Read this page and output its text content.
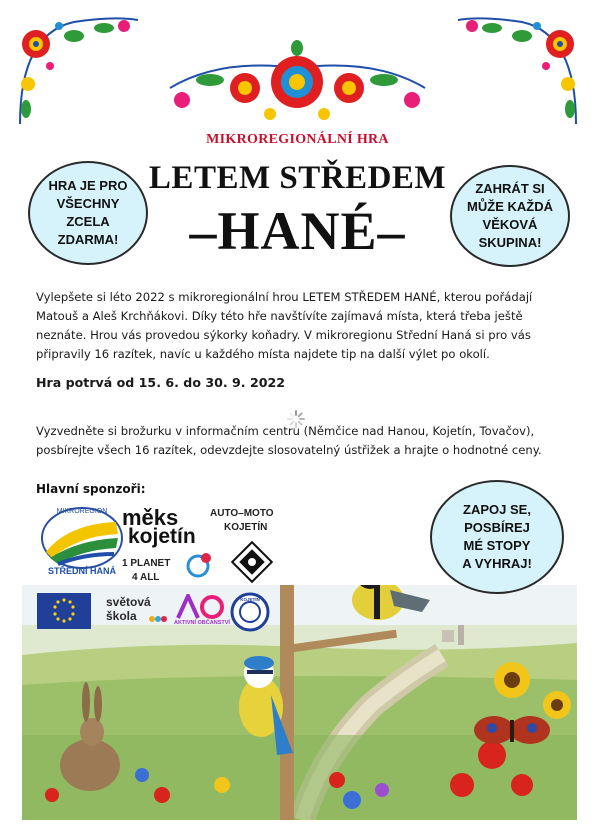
MIKROREGIONÁLNÍ HRA
LETEM STŘEDEM
–HANÉ–
HRA JE PRO
VŠECHNY
ZCELA
ZDARMA!
ZAHRÁT SI
MŮŽE KAŽDÁ
VĚKOVÁ
SKUPINA!
Vylepšete si léto 2022 s mikroregionální hrou LETEM STŘEDEM HANÉ, kterou pořádají Matouš a Aleš Krchňákovi. Díky této hře navštívíte zajímavá místa, která třeba ještě neznáte. Hrou vás provedou sýkorky koňadry. V mikroregionu Střední Haná si pro vás připravily 16 razítek, navíc u každého místa najdete tip na další výlet po okolí.
Hra potrvá od 15. 6. do 30. 9. 2022
Vyzvedněte si brožurku v informačním centru (Němčice nad Hanou, Kojetín, Tovačov), posbírejte všech 16 razítek, odevzdejte slosovatelný ústřižek a hrajte o hodnotné ceny.
Hlavní sponzoři:
ZAPOJ SE,
POSBÍREJ
MÉ STOPY
A VYHRAJ!
MIKROREGION
STŘEDNÍ HANÁ
měks
kojetín
AUTO–MOTO
KOJETÍN
1 PLANET
4 ALL
světová
škola	AKTIVNÍ OBČANSTVÍ
KOJETÍN
